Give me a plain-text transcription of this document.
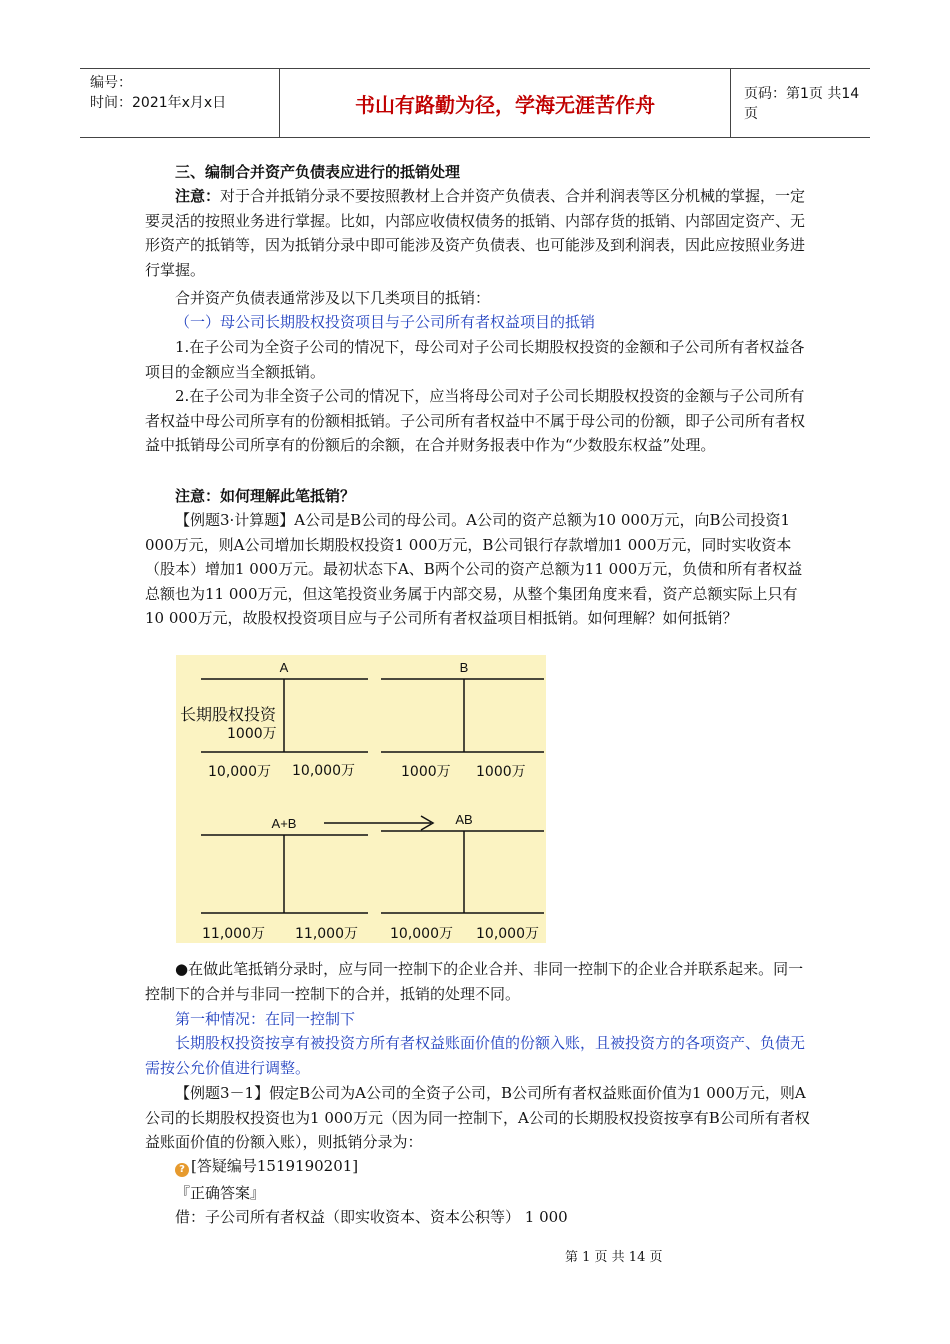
编号：
时间：2021年x月x日	书山有路勤为径，学海无涯苦作舟	页码：第1页 共14页

三、编制合并资产负债表应进行的抵销处理

注意：对于合并抵销分录不要按照教材上合并资产负债表、合并利润表等区分机械的掌握，一定要灵活的按照业务进行掌握。比如，内部应收债权债务的抵销、内部存货的抵销、内部固定资产、无形资产的抵销等，因为抵销分录中即可能涉及资产负债表、也可能涉及到利润表，因此应按照业务进行掌握。

合并资产负债表通常涉及以下几类项目的抵销：

（一）母公司长期股权投资项目与子公司所有者权益项目的抵销

1.在子公司为全资子公司的情况下，母公司对子公司长期股权投资的金额和子公司所有者权益各项目的金额应当全额抵销。

2.在子公司为非全资子公司的情况下，应当将母公司对子公司长期股权投资的金额与子公司所有者权益中母公司所享有的份额相抵销。子公司所有者权益中不属于母公司的份额，即子公司所有者权益中抵销母公司所享有的份额后的余额，在合并财务报表中作为“少数股东权益”处理。

注意：如何理解此笔抵销？

【例题3·计算题】A公司是B公司的母公司。A公司的资产总额为10 000万元，向B公司投资1 000万元，则A公司增加长期股权投资1 000万元，B公司银行存款增加1 000万元，同时实收资本（股本）增加1 000万元。最初状态下A、B两个公司的资产总额为11 000万元，负债和所有者权益总额也为11 000万元，但这笔投资业务属于内部交易，从整个集团角度来看，资产总额实际上只有10 000万元，故股权投资项目应与子公司所有者权益项目相抵销。如何理解？如何抵销？

A	B
长期股权投资
1000万
10,000万 10,000万	1000万 1000万
A+B	AB
11,000万 11,000万 10,000万 10,000万

●在做此笔抵销分录时，应与同一控制下的企业合并、非同一控制下的企业合并联系起来。同一控制下的合并与非同一控制下的合并，抵销的处理不同。

第一种情况：在同一控制下

长期股权投资按享有被投资方所有者权益账面价值的份额入账，且被投资方的各项资产、负债无需按公允价值进行调整。

【例题3－1】假定B公司为A公司的全资子公司，B公司所有者权益账面价值为1 000万元，则A公司的长期股权投资也为1 000万元（因为同一控制下，A公司的长期股权投资按享有B公司所有者权益账面价值的份额入账），则抵销分录为：

? [答疑编号1519190201]

『正确答案』

借：子公司所有者权益（即实收资本、资本公积等） 1 000

第 1 页 共 14 页
